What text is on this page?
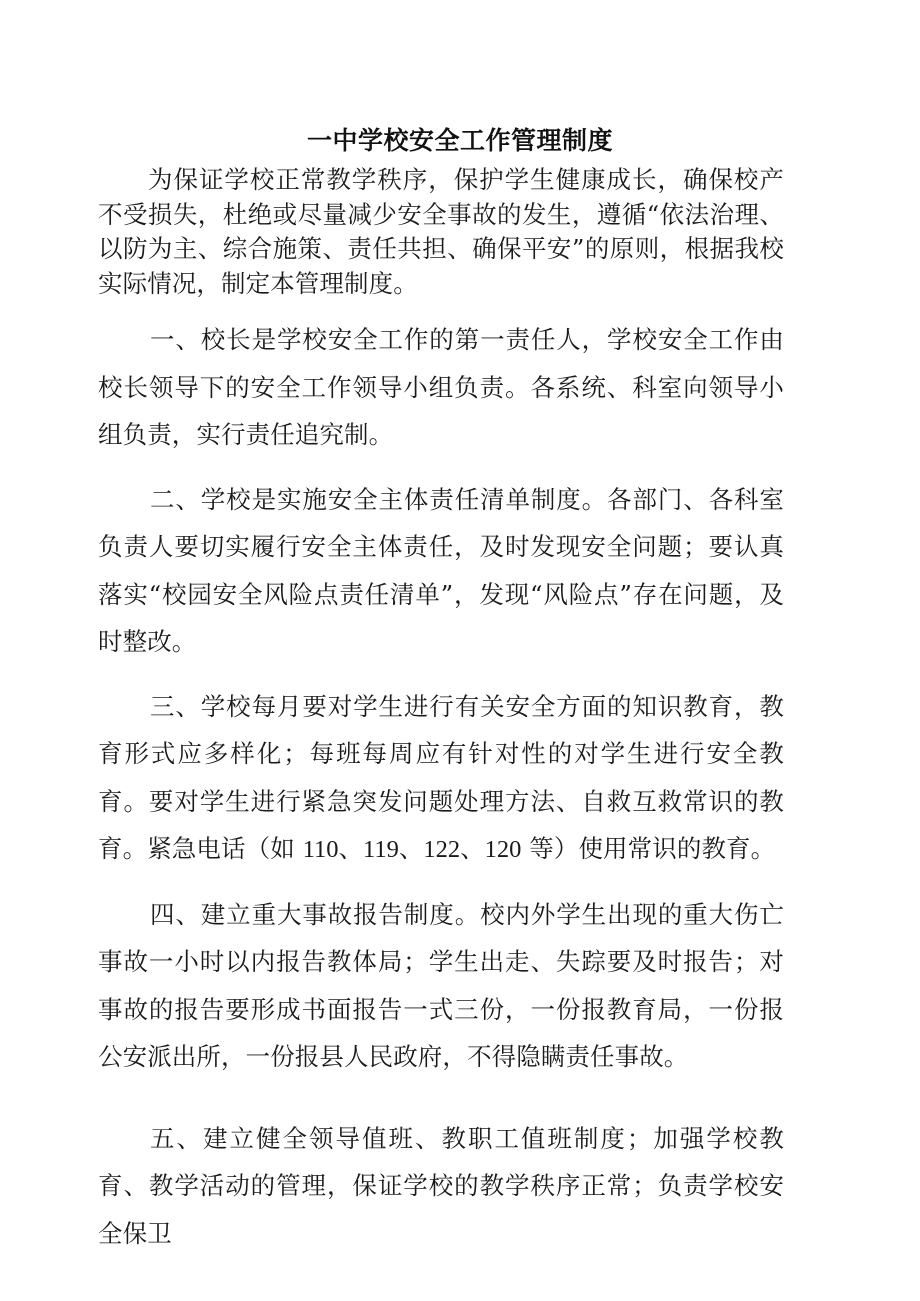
一中学校安全工作管理制度

为保证学校正常教学秩序，保护学生健康成长，确保校产不受损失，杜绝或尽量减少安全事故的发生，遵循“依法治理、以防为主、综合施策、责任共担、确保平安”的原则，根据我校实际情况，制定本管理制度。

一、校长是学校安全工作的第一责任人，学校安全工作由校长领导下的安全工作领导小组负责。各系统、科室向领导小组负责，实行责任追究制。

二、学校是实施安全主体责任清单制度。各部门、各科室负责人要切实履行安全主体责任，及时发现安全问题；要认真落实“校园安全风险点责任清单”，发现“风险点”存在问题，及时整改。

三、学校每月要对学生进行有关安全方面的知识教育，教育形式应多样化；每班每周应有针对性的对学生进行安全教育。要对学生进行紧急突发问题处理方法、自救互救常识的教育。紧急电话（如 110、119、122、120 等）使用常识的教育。

四、建立重大事故报告制度。校内外学生出现的重大伤亡事故一小时以内报告教体局；学生出走、失踪要及时报告；对事故的报告要形成书面报告一式三份，一份报教育局，一份报公安派出所，一份报县人民政府，不得隐瞒责任事故。

五、建立健全领导值班、教职工值班制度；加强学校教育、教学活动的管理，保证学校的教学秩序正常；负责学校安全保卫
